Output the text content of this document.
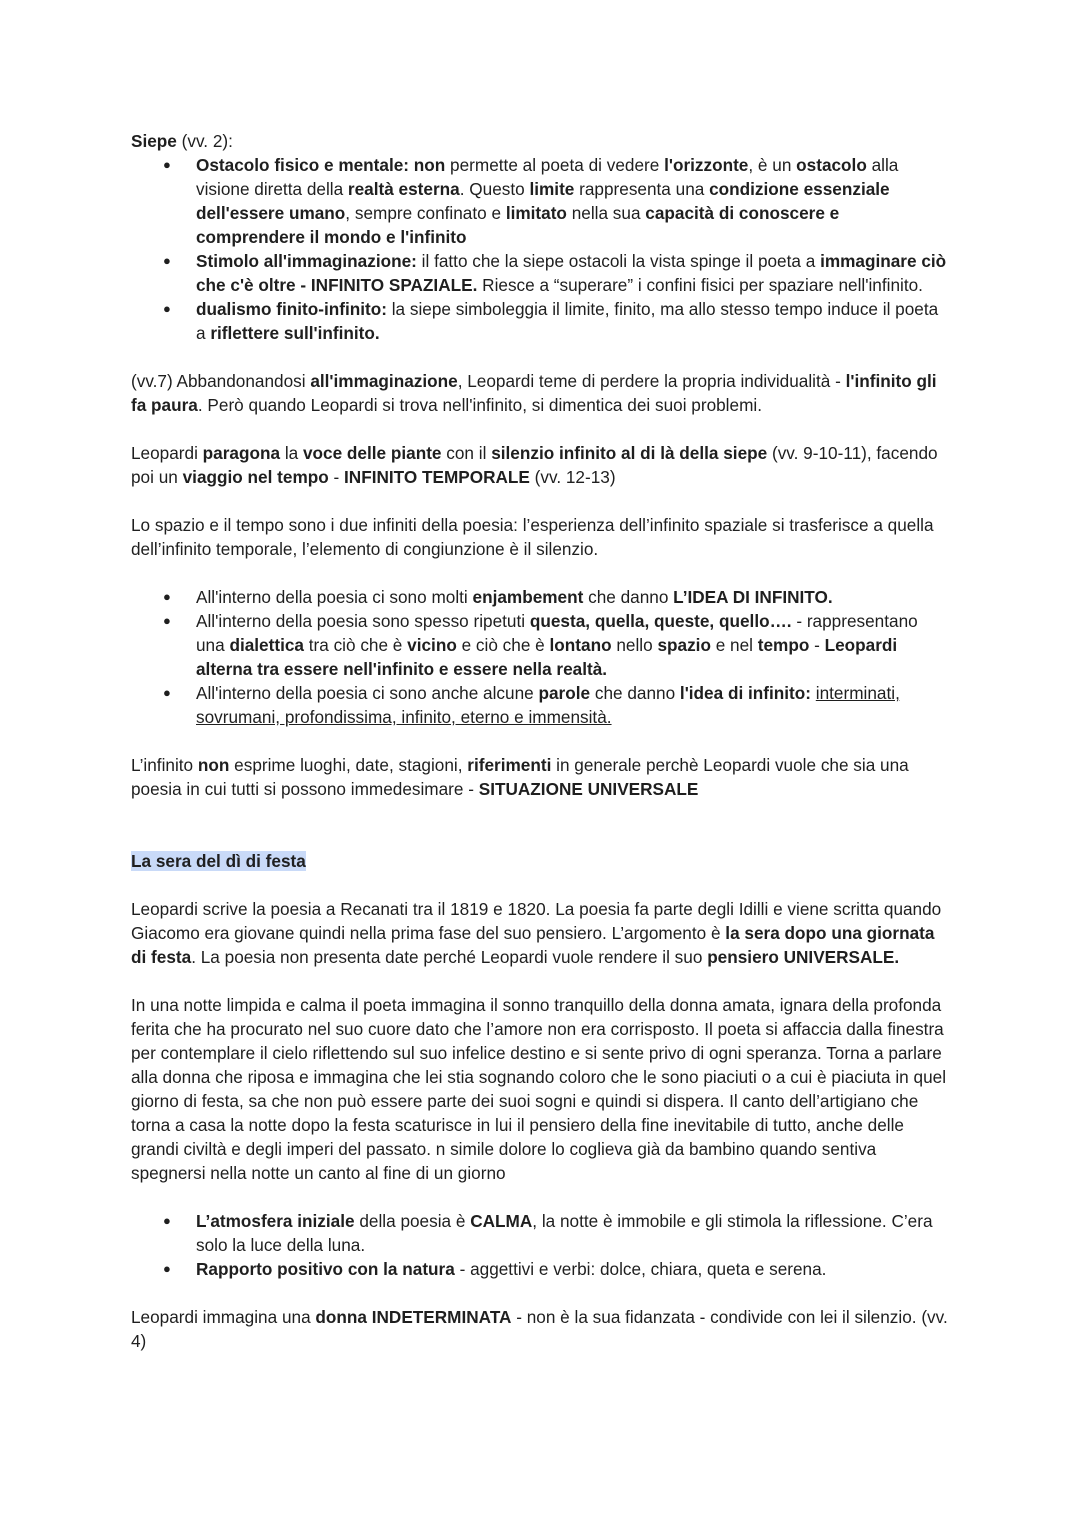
Siepe (vv. 2):

● Ostacolo fisico e mentale: non permette al poeta di vedere l'orizzonte, è un ostacolo alla visione diretta della realtà esterna. Questo limite rappresenta una condizione essenziale dell'essere umano, sempre confinato e limitato nella sua capacità di conoscere e comprendere il mondo e l'infinito
● Stimolo all'immaginazione: il fatto che la siepe ostacoli la vista spinge il poeta a immaginare ciò che c'è oltre - INFINITO SPAZIALE. Riesce a “superare” i confini fisici per spaziare nell'infinito.
● dualismo finito-infinito: la siepe simboleggia il limite, finito, ma allo stesso tempo induce il poeta a riflettere sull'infinito.

(vv.7) Abbandonandosi all'immaginazione, Leopardi teme di perdere la propria individualità - l'infinito gli fa paura. Però quando Leopardi si trova nell'infinito, si dimentica dei suoi problemi.

Leopardi paragona la voce delle piante con il silenzio infinito al di là della siepe (vv. 9-10-11), facendo poi un viaggio nel tempo - INFINITO TEMPORALE (vv. 12-13)

Lo spazio e il tempo sono i due infiniti della poesia: l’esperienza dell’infinito spaziale si trasferisce a quella dell’infinito temporale, l’elemento di congiunzione è il silenzio.

● All'interno della poesia ci sono molti enjambement che danno L’IDEA DI INFINITO.
● All'interno della poesia sono spesso ripetuti questa, quella, queste, quello…. - rappresentano una dialettica tra ciò che è vicino e ciò che è lontano nello spazio e nel tempo - Leopardi alterna tra essere nell'infinito e essere nella realtà.
● All'interno della poesia ci sono anche alcune parole che danno l'idea di infinito: interminati, sovrumani, profondissima, infinito, eterno e immensità.

L’infinito non esprime luoghi, date, stagioni, riferimenti in generale perchè Leopardi vuole che sia una poesia in cui tutti si possono immedesimare - SITUAZIONE UNIVERSALE

La sera del dì di festa

Leopardi scrive la poesia a Recanati tra il 1819 e 1820. La poesia fa parte degli Idilli e viene scritta quando Giacomo era giovane quindi nella prima fase del suo pensiero. L’argomento è la sera dopo una giornata di festa. La poesia non presenta date perché Leopardi vuole rendere il suo pensiero UNIVERSALE.

In una notte limpida e calma il poeta immagina il sonno tranquillo della donna amata, ignara della profonda ferita che ha procurato nel suo cuore dato che l’amore non era corrisposto. Il poeta si affaccia dalla finestra per contemplare il cielo riflettendo sul suo infelice destino e si sente privo di ogni speranza. Torna a parlare alla donna che riposa e immagina che lei stia sognando coloro che le sono piaciuti o a cui è piaciuta in quel giorno di festa, sa che non può essere parte dei suoi sogni e quindi si dispera. Il canto dell’artigiano che torna a casa la notte dopo la festa scaturisce in lui il pensiero della fine inevitabile di tutto, anche delle grandi civiltà e degli imperi del passato. n simile dolore lo coglieva già da bambino quando sentiva spegnersi nella notte un canto al fine di un giorno

● L’atmosfera iniziale della poesia è CALMA, la notte è immobile e gli stimola la riflessione. C’era solo la luce della luna.
● Rapporto positivo con la natura - aggettivi e verbi: dolce, chiara, queta e serena.

Leopardi immagina una donna INDETERMINATA - non è la sua fidanzata - condivide con lei il silenzio. (vv. 4)
